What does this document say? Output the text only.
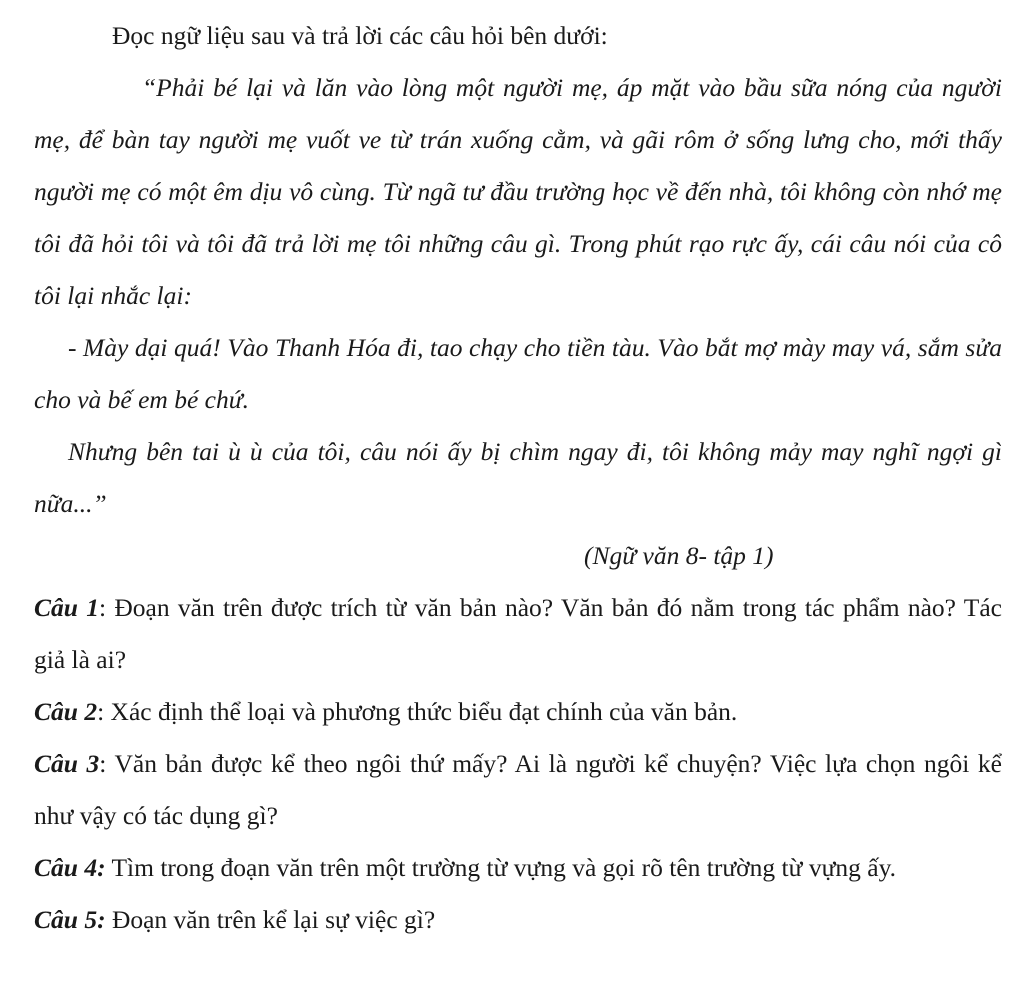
Đọc ngữ liệu sau và trả lời các câu hỏi bên dưới:

“Phải bé lại và lăn vào lòng một người mẹ, áp mặt vào bầu sữa nóng của người mẹ, để bàn tay người mẹ vuốt ve từ trán xuống cằm, và gãi rôm ở sống lưng cho, mới thấy người mẹ có một êm dịu vô cùng. Từ ngã tư đầu trường học về đến nhà, tôi không còn nhớ mẹ tôi đã hỏi tôi và tôi đã trả lời mẹ tôi những câu gì. Trong phút rạo rực ấy, cái câu nói của cô tôi lại nhắc lại:

- Mày dại quá! Vào Thanh Hóa đi, tao chạy cho tiền tàu. Vào bắt mợ mày may vá, sắm sửa cho và bế em bé chứ.

Nhưng bên tai ù ù của tôi, câu nói ấy bị chìm ngay đi, tôi không mảy may nghĩ ngợi gì nữa...”

(Ngữ văn 8- tập 1)

Câu 1: Đoạn văn trên được trích từ văn bản nào? Văn bản đó nằm trong tác phẩm nào? Tác giả là ai?

Câu 2: Xác định thể loại và phương thức biểu đạt chính của văn bản.

Câu 3: Văn bản được kể theo ngôi thứ mấy? Ai là người kể chuyện? Việc lựa chọn ngôi kể như vậy có tác dụng gì?

Câu 4: Tìm trong đoạn văn trên một trường từ vựng và gọi rõ tên trường từ vựng ấy.

Câu 5: Đoạn văn trên kể lại sự việc gì?
